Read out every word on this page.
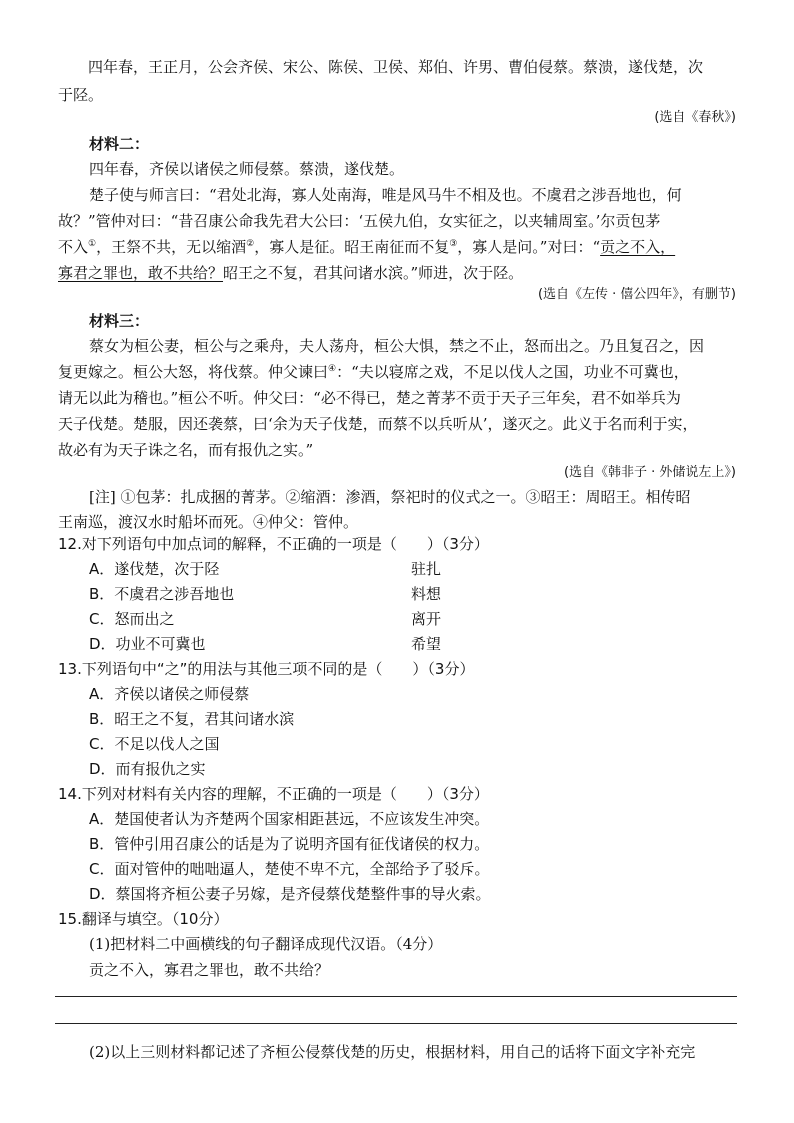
四年春，王正月，公会齐侯、宋公、陈侯、卫侯、郑伯、许男、曹伯侵蔡。蔡溃，遂伐楚，次
于陉。
(选自《春秋》)
材料二：
四年春，齐侯以诸侯之师侵蔡。蔡溃，遂伐楚。
楚子使与师言曰：“君处北海，寡人处南海，唯是风马牛不相及也。不虞君之涉吾地也，何
故？”管仲对曰：“昔召康公命我先君大公曰：‘五侯九伯，女实征之，以夹辅周室。’尔贡包茅
不入①，王祭不共，无以缩酒②，寡人是征。昭王南征而不复③，寡人是问。”对曰：“贡之不入，
寡君之罪也，敢不共给？昭王之不复，君其问诸水滨。”师进，次于陉。
(选自《左传 · 僖公四年》，有删节)
材料三：
蔡女为桓公妻，桓公与之乘舟，夫人荡舟，桓公大惧，禁之不止，怒而出之。乃且复召之，因
复更嫁之。桓公大怒，将伐蔡。仲父谏曰④：“夫以寝席之戏，不足以伐人之国，功业不可冀也，
请无以此为稽也。”桓公不听。仲父曰：“必不得已，楚之菁茅不贡于天子三年矣，君不如举兵为
天子伐楚。楚服，因还袭蔡，曰‘余为天子伐楚，而蔡不以兵听从’，遂灭之。此义于名而利于实，
故必有为天子诛之名，而有报仇之实。”
(选自《韩非子 · 外储说左上》)
[注] ①包茅：扎成捆的菁茅。②缩酒：渗酒，祭祀时的仪式之一。③昭王：周昭王。相传昭
王南巡，渡汉水时船坏而死。④仲父：管仲。
12.对下列语句中加点词的解释，不正确的一项是（　　）（3分）
A．遂伐楚，次于陉	驻扎
B．不虞君之涉吾地也	料想
C．怒而出之	离开
D．功业不可冀也	希望
13.下列语句中“之”的用法与其他三项不同的是（　　）（3分）
A．齐侯以诸侯之师侵蔡
B．昭王之不复，君其问诸水滨
C．不足以伐人之国
D．而有报仇之实
14.下列对材料有关内容的理解，不正确的一项是（　　）（3分）
A．楚国使者认为齐楚两个国家相距甚远，不应该发生冲突。
B．管仲引用召康公的话是为了说明齐国有征伐诸侯的权力。
C．面对管仲的咄咄逼人，楚使不卑不亢，全部给予了驳斥。
D．蔡国将齐桓公妻子另嫁，是齐侵蔡伐楚整件事的导火索。
15.翻译与填空。（10分）
(1)把材料二中画横线的句子翻译成现代汉语。（4分）
贡之不入，寡君之罪也，敢不共给？
(2)以上三则材料都记述了齐桓公侵蔡伐楚的历史，根据材料，用自己的话将下面文字补充完
